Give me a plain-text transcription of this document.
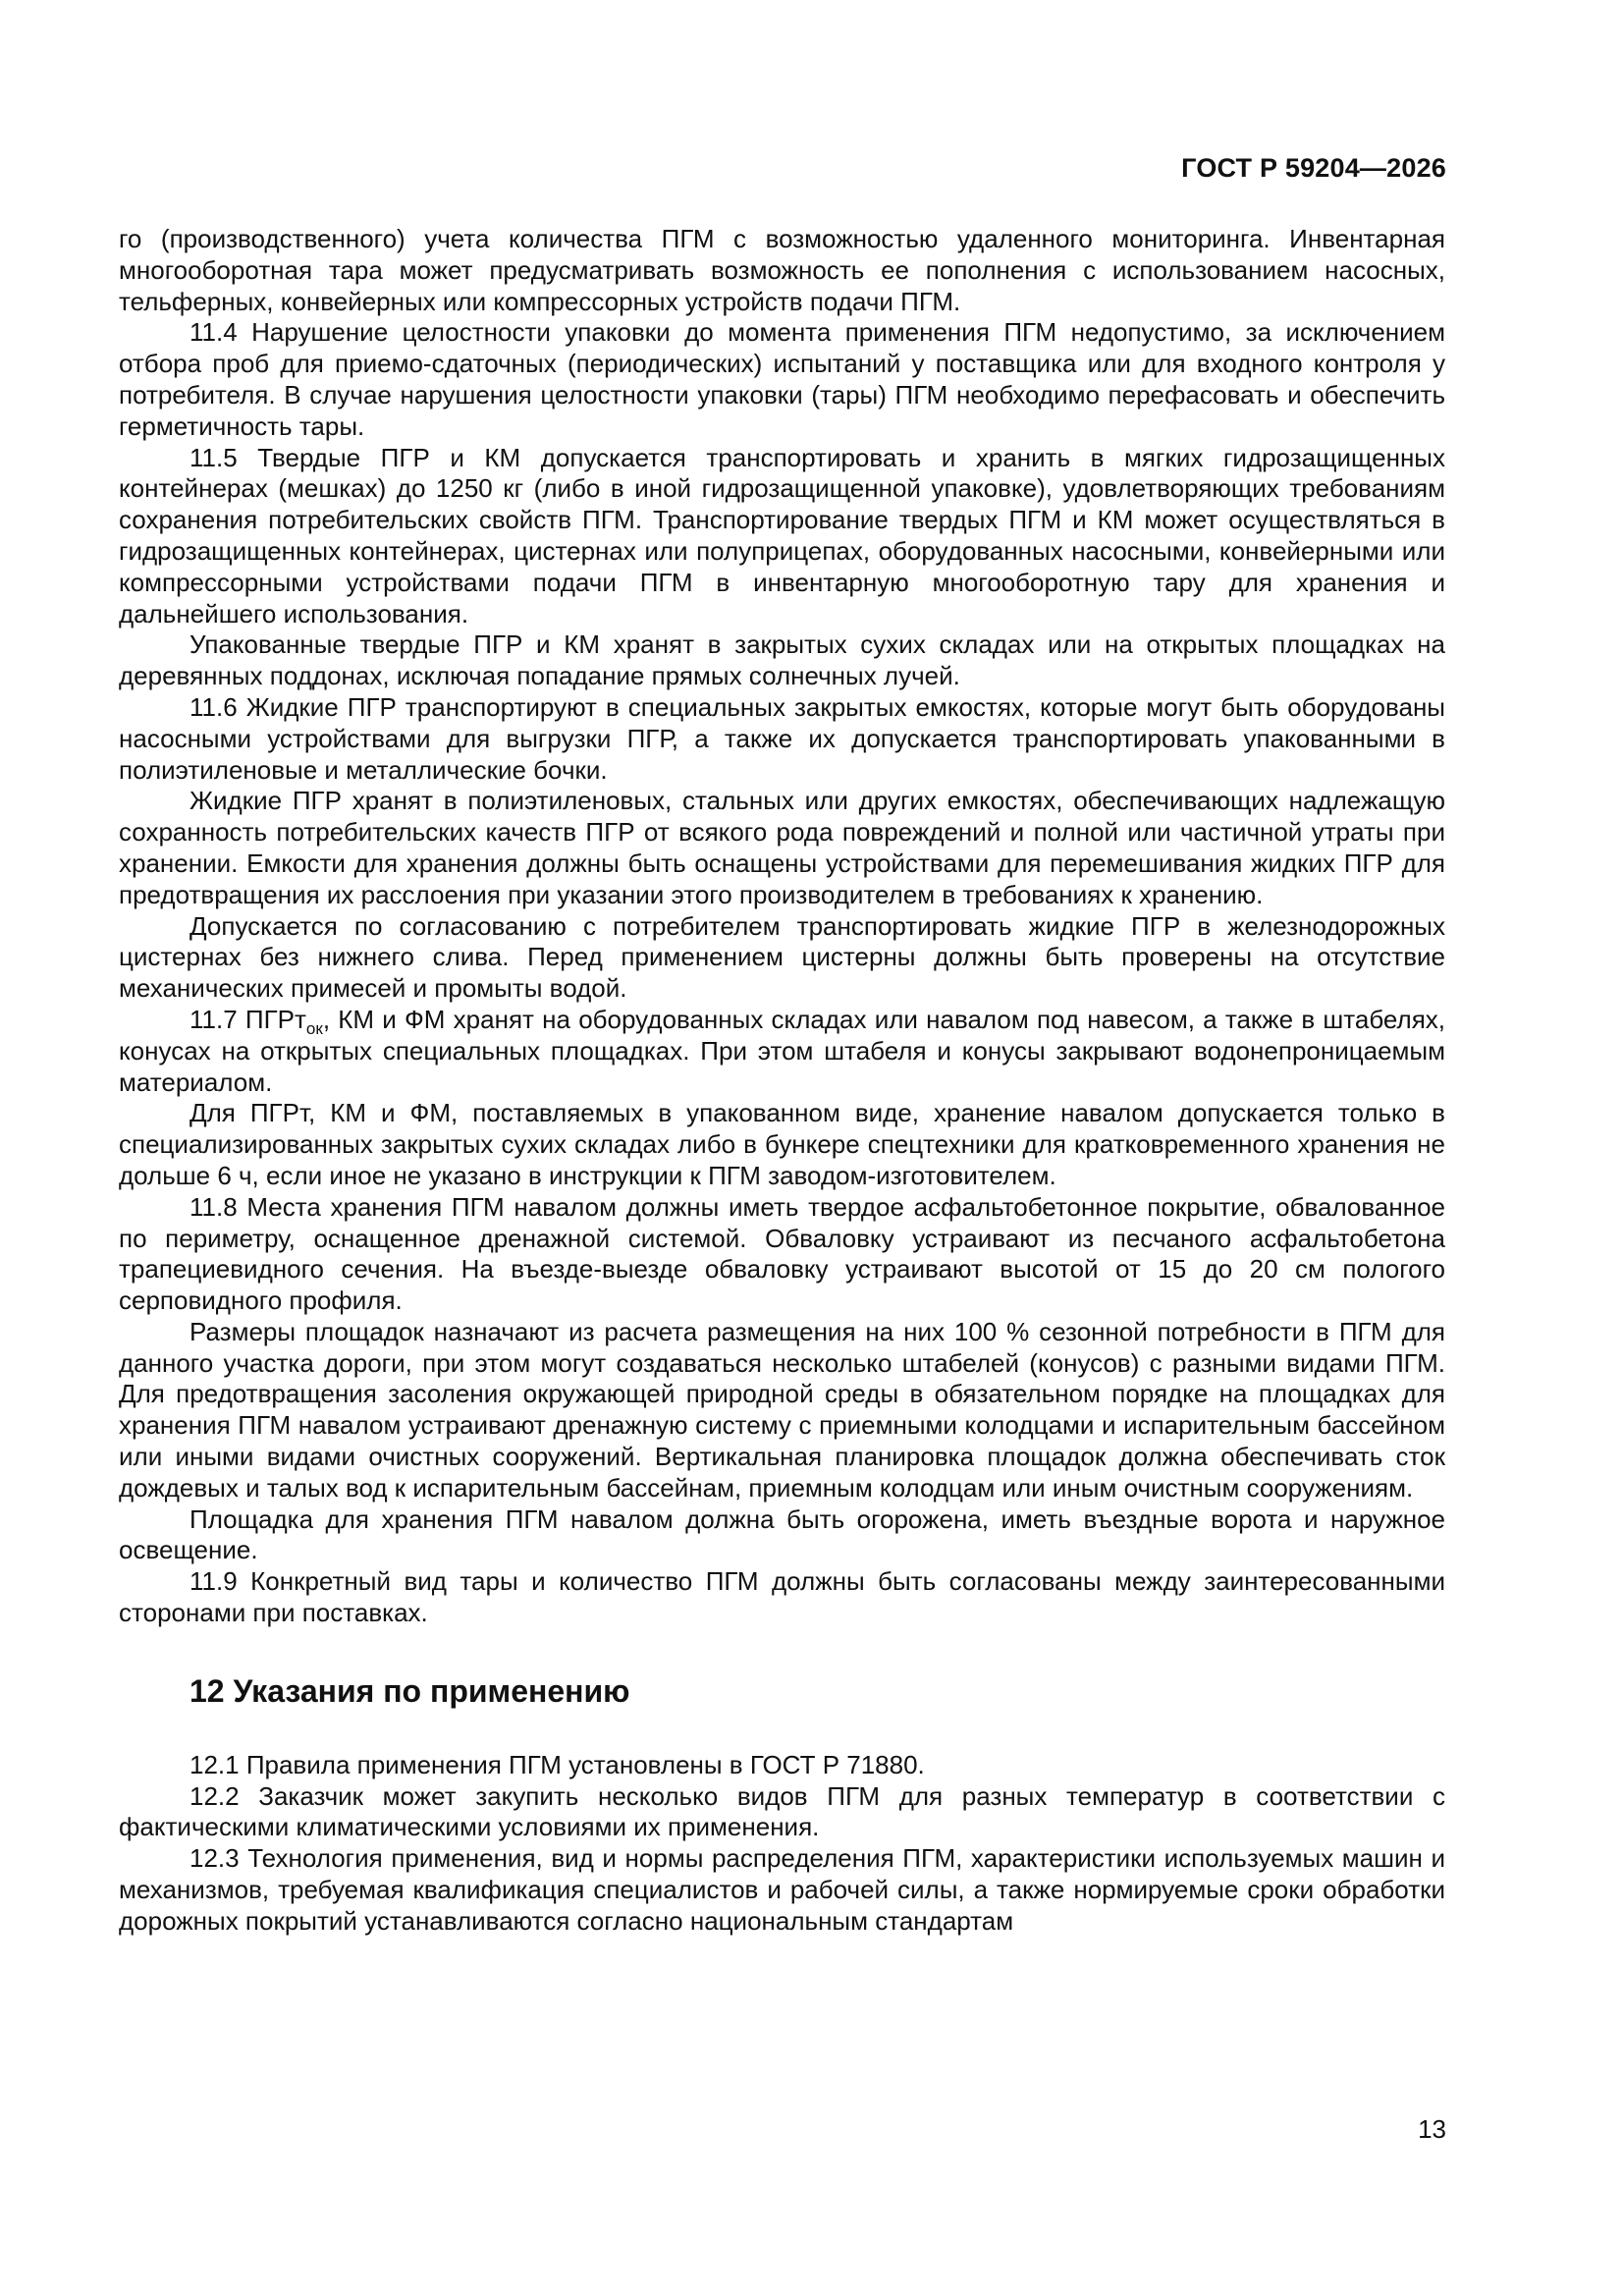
ГОСТ Р 59204—2026

го (производственного) учета количества ПГМ с возможностью удаленного мониторинга. Инвентарная многооборотная тара может предусматривать возможность ее пополнения с использованием насосных, тельферных, конвейерных или компрессорных устройств подачи ПГМ.

11.4 Нарушение целостности упаковки до момента применения ПГМ недопустимо, за исключением отбора проб для приемо-сдаточных (периодических) испытаний у поставщика или для входного контроля у потребителя. В случае нарушения целостности упаковки (тары) ПГМ необходимо перефасовать и обеспечить герметичность тары.

11.5 Твердые ПГР и КМ допускается транспортировать и хранить в мягких гидрозащищенных контейнерах (мешках) до 1250 кг (либо в иной гидрозащищенной упаковке), удовлетворяющих требованиям сохранения потребительских свойств ПГМ. Транспортирование твердых ПГМ и КМ может осуществляться в гидрозащищенных контейнерах, цистернах или полуприцепах, оборудованных насосными, конвейерными или компрессорными устройствами подачи ПГМ в инвентарную многооборотную тару для хранения и дальнейшего использования.

Упакованные твердые ПГР и КМ хранят в закрытых сухих складах или на открытых площадках на деревянных поддонах, исключая попадание прямых солнечных лучей.

11.6 Жидкие ПГР транспортируют в специальных закрытых емкостях, которые могут быть оборудованы насосными устройствами для выгрузки ПГР, а также их допускается транспортировать упакованными в полиэтиленовые и металлические бочки.

Жидкие ПГР хранят в полиэтиленовых, стальных или других емкостях, обеспечивающих надлежащую сохранность потребительских качеств ПГР от всякого рода повреждений и полной или частичной утраты при хранении. Емкости для хранения должны быть оснащены устройствами для перемешивания жидких ПГР для предотвращения их расслоения при указании этого производителем в требованиях к хранению.

Допускается по согласованию с потребителем транспортировать жидкие ПГР в железнодорожных цистернах без нижнего слива. Перед применением цистерны должны быть проверены на отсутствие механических примесей и промыты водой.

11.7 ПГРт$_{ок}$, КМ и ФМ хранят на оборудованных складах или навалом под навесом, а также в штабелях, конусах на открытых специальных площадках. При этом штабеля и конусы закрывают водонепроницаемым материалом.

Для ПГРт, КМ и ФМ, поставляемых в упакованном виде, хранение навалом допускается только в специализированных закрытых сухих складах либо в бункере спецтехники для кратковременного хранения не дольше 6 ч, если иное не указано в инструкции к ПГМ заводом-изготовителем.

11.8 Места хранения ПГМ навалом должны иметь твердое асфальтобетонное покрытие, обвалованное по периметру, оснащенное дренажной системой. Обваловку устраивают из песчаного асфальтобетона трапециевидного сечения. На въезде-выезде обваловку устраивают высотой от 15 до 20 см пологого серповидного профиля.

Размеры площадок назначают из расчета размещения на них 100 % сезонной потребности в ПГМ для данного участка дороги, при этом могут создаваться несколько штабелей (конусов) с разными видами ПГМ. Для предотвращения засоления окружающей природной среды в обязательном порядке на площадках для хранения ПГМ навалом устраивают дренажную систему с приемными колодцами и испарительным бассейном или иными видами очистных сооружений. Вертикальная планировка площадок должна обеспечивать сток дождевых и талых вод к испарительным бассейнам, приемным колодцам или иным очистным сооружениям.

Площадка для хранения ПГМ навалом должна быть огорожена, иметь въездные ворота и наружное освещение.

11.9 Конкретный вид тары и количество ПГМ должны быть согласованы между заинтересованными сторонами при поставках.

12 Указания по применению

12.1 Правила применения ПГМ установлены в ГОСТ Р 71880.

12.2 Заказчик может закупить несколько видов ПГМ для разных температур в соответствии с фактическими климатическими условиями их применения.

12.3 Технология применения, вид и нормы распределения ПГМ, характеристики используемых машин и механизмов, требуемая квалификация специалистов и рабочей силы, а также нормируемые сроки обработки дорожных покрытий устанавливаются согласно национальным стандартам

13
